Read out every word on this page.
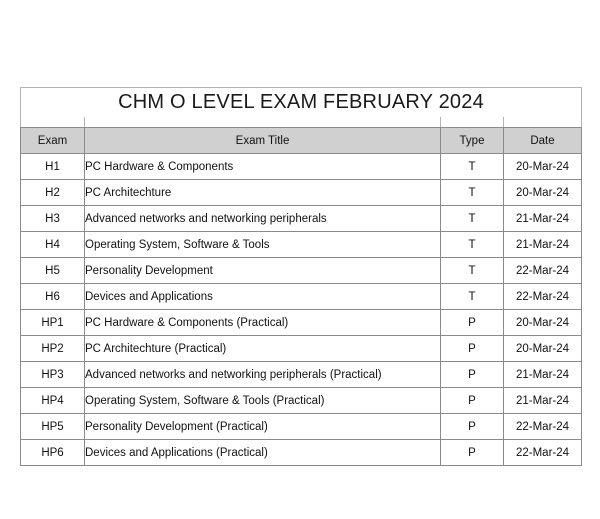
CHM O LEVEL EXAM FEBRUARY 2024			

Exam	Exam Title	Type	Date
H1	PC Hardware & Components	T	20-Mar-24
H2	PC Architechture	T	20-Mar-24
H3	Advanced networks and networking peripherals	T	21-Mar-24
H4	Operating System, Software & Tools	T	21-Mar-24
H5	Personality Development	T	22-Mar-24
H6	Devices and Applications	T	22-Mar-24
HP1	PC Hardware & Components (Practical)	P	20-Mar-24
HP2	PC Architechture (Practical)	P	20-Mar-24
HP3	Advanced networks and networking peripherals (Practical)	P	21-Mar-24
HP4	Operating System, Software & Tools (Practical)	P	21-Mar-24
HP5	Personality Development (Practical)	P	22-Mar-24
HP6	Devices and Applications (Practical)	P	22-Mar-24
